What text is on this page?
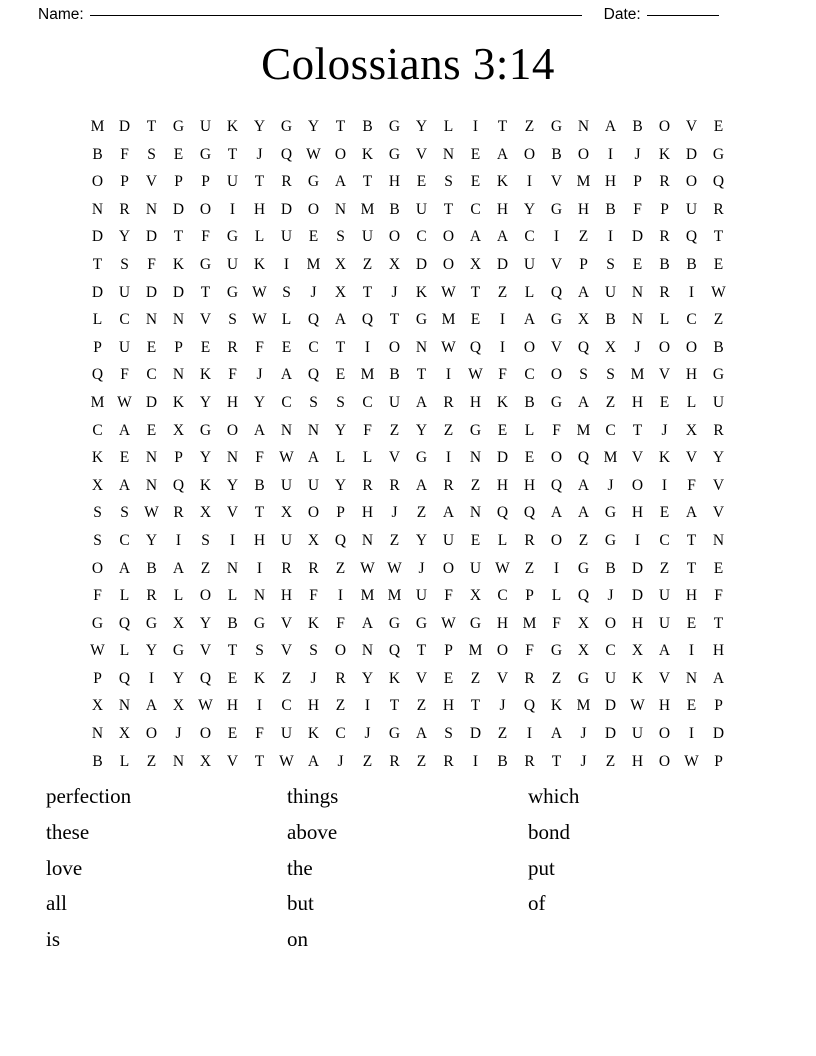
Name:	Date:
Colossians 3:14
M D	T	G	U	K	Y	G	Y	T	B	G	Y	L	I	T	Z	G	N	A	B	O	V	E
B	F	S	E	G	T	J	Q W O	K	G	V	N	E	A	O	B	O	I	J	K	D	G
O	P	V	P	P	U	T	R	G	A	T	H	E	S	E	K	I	V M H	P	R	O	Q
N	R	N	D	O	I	H	D	O	N M B	U	T	C	H	Y	G	H	B	F	P	U	R
D	Y	D	T	F	G	L	U	E	S	U	O	C	O	A	A	C	I	Z	I	D	R	Q	T
T	S	F	K	G	U	K	I	M X	Z	X	D	O	X	D	U	V	P	S	E	B	B	E
D	U	D	D	T	G W S	J	X	T	J	K W T	Z	L	Q	A	U	N	R	I	W
L	C	N	N	V	S W L	Q	A	Q	T	G M E	I	A	G	X	B	N	L	C	Z
P	U	E	P	E	R	F	E	C	T	I	O	N W Q	I	O	V	Q	X	J	O	O	B
Q	F	C	N	K	F	J	A	Q	E M B	T	I	W F	C	O	S	S	M V	H	G
M W D	K	Y	H	Y	C	S	S	C	U	A	R	H	K	B	G	A	Z	H	E	L	U
C	A	E	X	G	O	A	N	N	Y	F	Z	Y	Z	G	E	L	F	M C	T	J	X	R
K	E	N	P	Y	N	F W A	L	L	V	G	I	N	D	E	O	Q M V	K	V	Y
X	A	N	Q	K	Y	B	U	U	Y	R	R	A	R	Z	H	H	Q	A	J	O	I	F	V
S	S W R	X	V	T	X	O	P	H	J	Z	A	N	Q	Q	A	A	G	H	E	A	V
S	C	Y	I	S	I	H	U	X	Q	N	Z	Y	U	E	L	R	O	Z	G	I	C	T	N
O	A	B	A	Z	N	I	R	R	Z W W	J	O	U W Z	I	G	B	D	Z	T	E
F	L	R	L	O	L	N	H	F	I	M M U	F	X	C	P	L	Q	J	D	U	H	F
G	Q	G	X	Y	B	G	V	K	F	A	G	G W G	H M	F	X	O	H	U	E	T
W L	Y	G	V	T	S	V	S	O	N	Q	T	P	M O	F	G	X	C	X	A	I	H
P	Q	I	Y	Q	E	K	Z	J	R	Y	K	V	E	Z	V	R	Z	G	U	K	V	N	A
X	N	A	X W H	I	C	H	Z	I	T	Z	H	T	J	Q	K M D W H	E	P
N	X	O	J	O	E	F	U	K	C	J	G	A	S	D	Z	I	A	J	D	U	O	I	D
B	L	Z	N	X	V	T W A	J	Z	R	Z	R	I	B	R	T	J	Z	H	O W P
perfection
these
love
all
is
things
above
the
but
on
which
bond
put
of
